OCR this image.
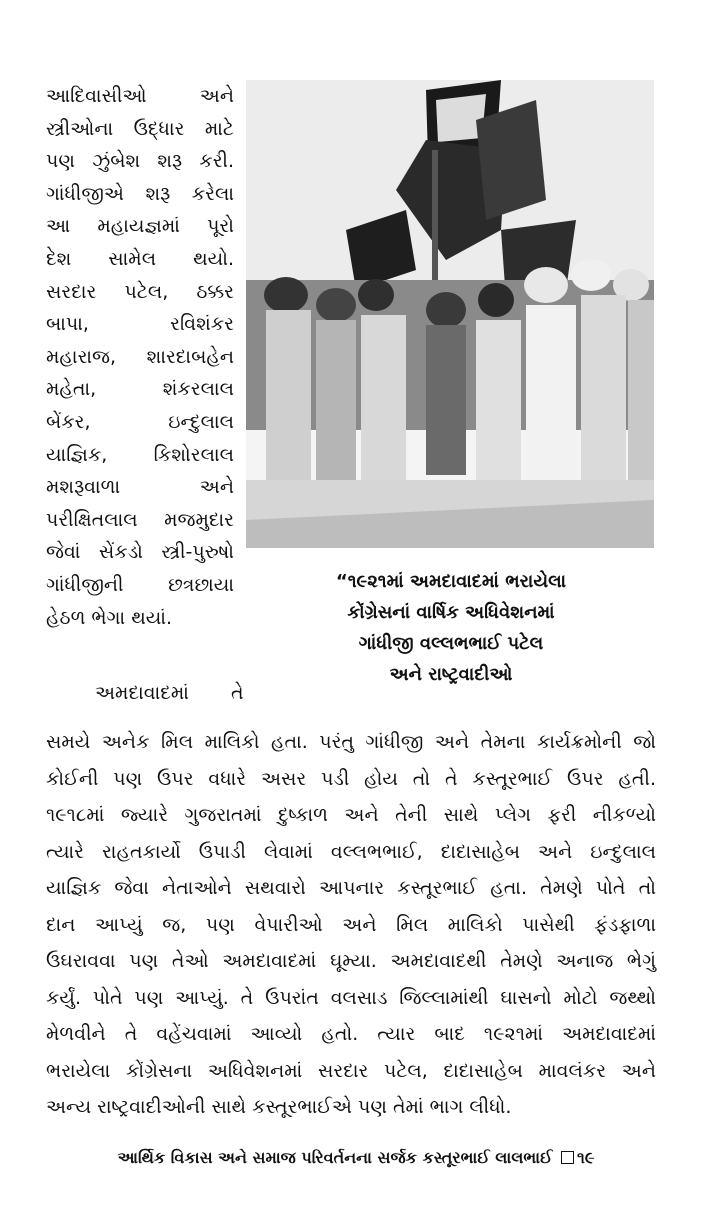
આદિવાસીઓ અને
સ્ત્રીઓના ઉદ્ધાર માટે
પણ ઝુંબેશ શરૂ કરી.
ગાંધીજીએ શરૂ કરેલા
આ મહાયજ્ઞમાં પૂરો
દેશ સામેલ થયો.
સરદાર પટેલ, ઠક્કર
બાપા, રવિશંકર
મહારાજ, શારદાબહેન
મહેતા, શંકરલાલ
બેંકર, ઇન્દુલાલ
યાજ્ઞિક, કિશોરલાલ
મશરૂવાળા અને
પરીક્ષિતલાલ મજમુદાર
જેવાં સેંકડો સ્ત્રી-પુરુષો
ગાંધીજીની છત્રછાયા
હેઠળ ભેગા થયાં.
“૧૯૨૧માં અમદાવાદમાં ભરાયેલા
કોંગ્રેસનાં વાર્ષિક અધિવેશનમાં
ગાંધીજી વલ્લભભાઈ પટેલ
અને રાષ્ટ્રવાદીઓ
અમદાવાદમાં તે
સમયે અનેક મિલ માલિકો હતા. પરંતુ ગાંધીજી અને તેમના કાર્યક્રમોની જો
કોઈની પણ ઉપર વધારે અસર પડી હોય તો તે કસ્તૂરભાઈ ઉપર હતી.
૧૯૧૮માં જ્યારે ગુજરાતમાં દુષ્કાળ અને તેની સાથે પ્લેગ ફરી નીકળ્યો
ત્યારે રાહતકાર્યો ઉપાડી લેવામાં વલ્લભભાઈ, દાદાસાહેબ અને ઇન્દુલાલ
યાજ્ઞિક જેવા નેતાઓને સથવારો આપનાર કસ્તૂરભાઈ હતા. તેમણે પોતે તો
દાન આપ્યું જ, પણ વેપારીઓ અને મિલ માલિકો પાસેથી ફંડફાળા
ઉઘરાવવા પણ તેઓ અમદાવાદમાં ઘૂમ્યા. અમદાવાદથી તેમણે અનાજ ભેગું
કર્યું. પોતે પણ આપ્યું. તે ઉપરાંત વલસાડ જિલ્લામાંથી ઘાસનો મોટો જથ્થો
મેળવીને તે વહેંચવામાં આવ્યો હતો. ત્યાર બાદ ૧૯૨૧માં અમદાવાદમાં
ભરાયેલા કોંગ્રેસના અધિવેશનમાં સરદાર પટેલ, દાદાસાહેબ માવલંકર અને
અન્ય રાષ્ટ્રવાદીઓની સાથે કસ્તૂરભાઈએ પણ તેમાં ભાગ લીધો.
આર્થિક વિકાસ અને સમાજ પરિવર્તનના સર્જક કસ્તૂરભાઈ લાલભાઈ ૧૯
